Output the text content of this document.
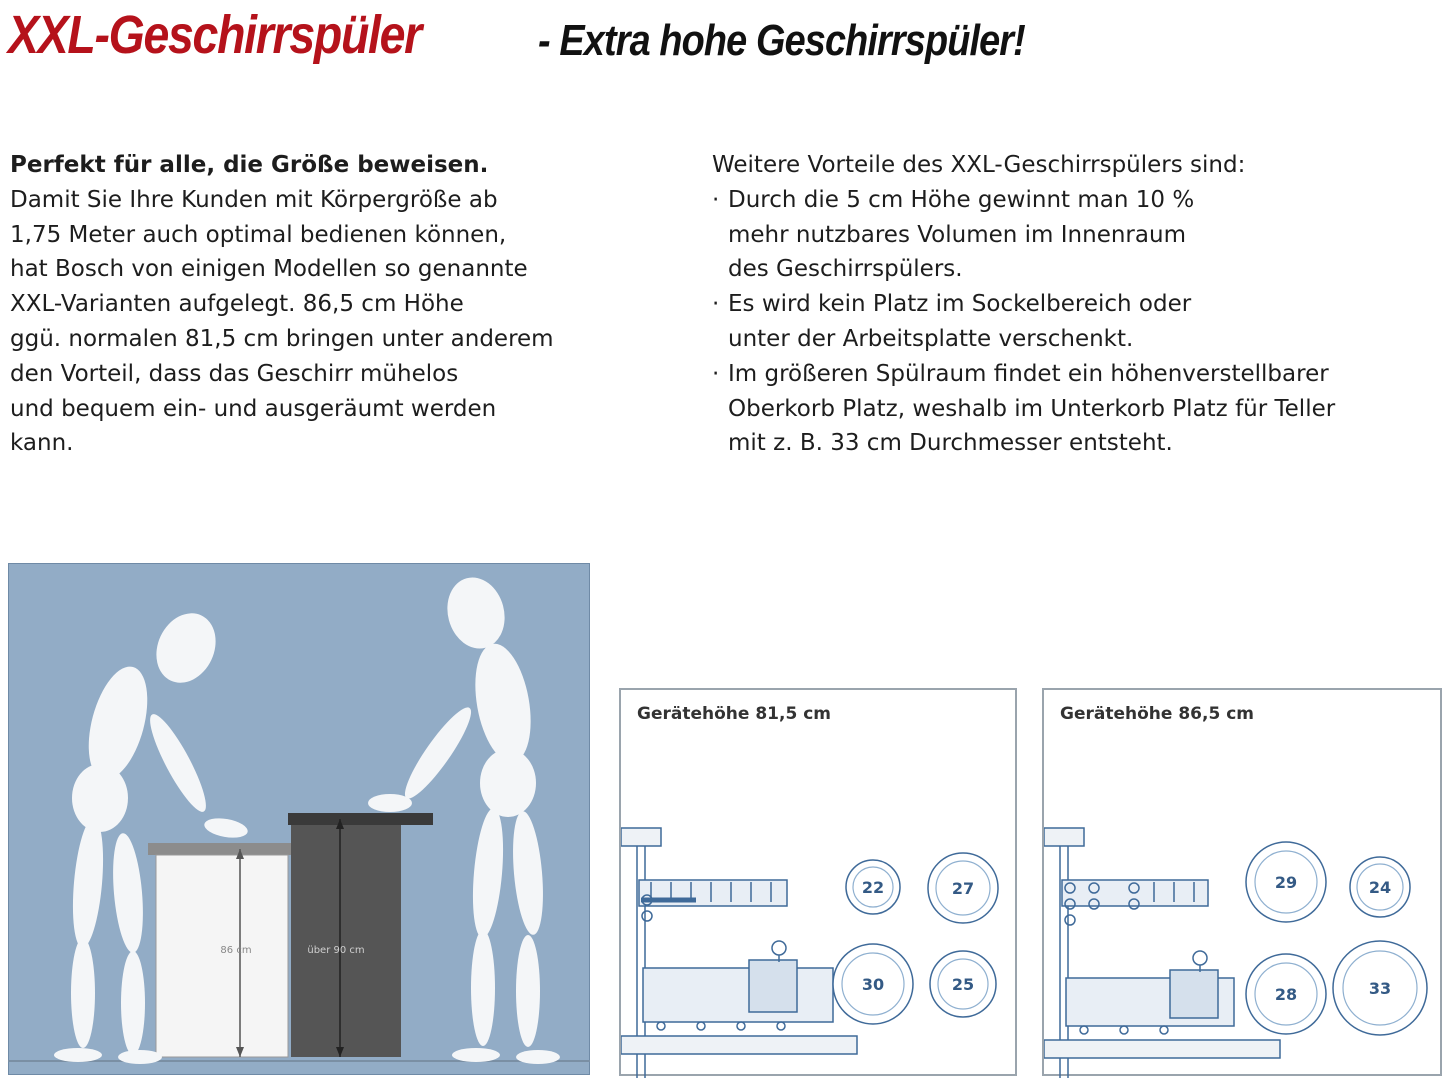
XXL-Geschirrspüler	- Extra hohe Geschirrspüler!

Perfekt für alle, die Größe beweisen.

Damit Sie Ihre Kunden mit Körpergröße ab

1,75 Meter auch optimal bedienen können,

hat Bosch von einigen Modellen so genannte

XXL-Varianten aufgelegt. 86,5 cm Höhe

ggü. normalen 81,5 cm bringen unter anderem

den Vorteil, dass das Geschirr mühelos

und bequem ein- und ausgeräumt werden

kann.

Weitere Vorteile des XXL-Geschirrspülers sind:

· Durch die 5 cm Höhe gewinnt man 10 %
mehr nutzbares Volumen im Innenraum
des Geschirrspülers.
· Es wird kein Platz im Sockelbereich oder
unter der Arbeitsplatte verschenkt.
· Im größeren Spülraum findet ein höhenverstellbarer
Oberkorb Platz, weshalb im Unterkorb Platz für Teller
mit z. B. 33 cm Durchmesser entsteht.
86 cm	über 90 cm
Gerätehöhe 81,5 cm
22	27
30	25
Gerätehöhe 86,5 cm
29	24
28	33
